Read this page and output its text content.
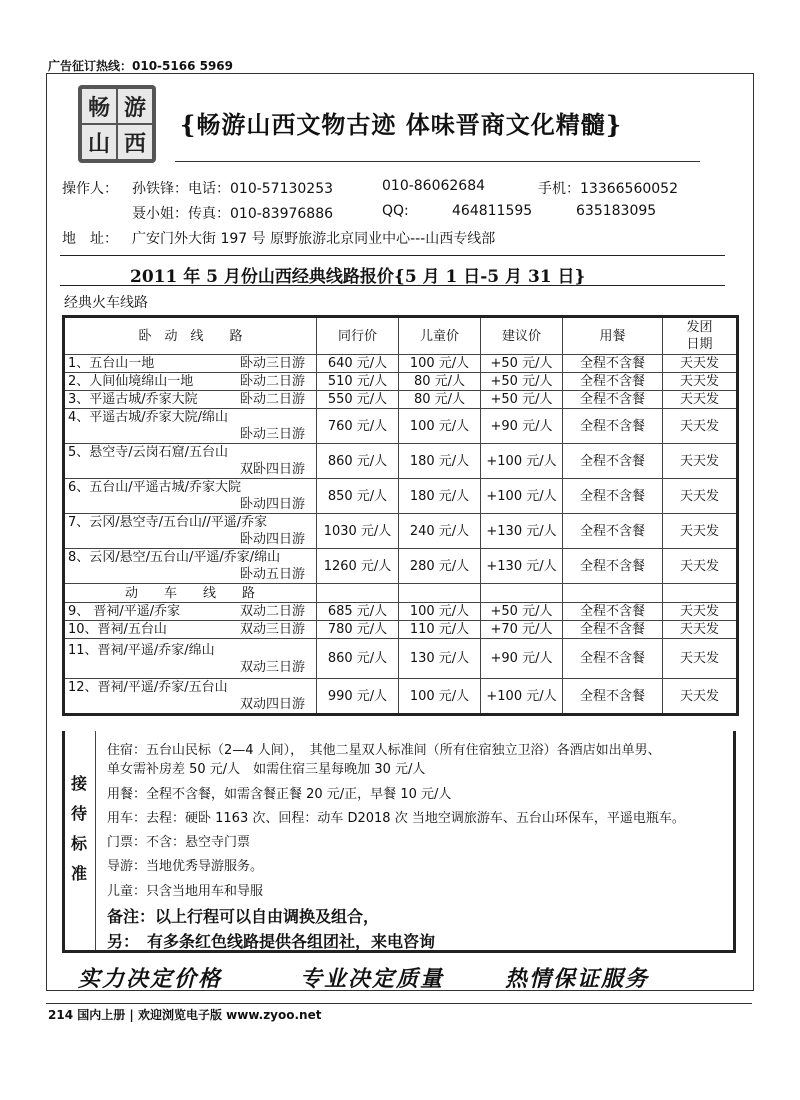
广告征订热线：010-5166 5969
畅 游
山 西
{畅游山西文物古迹 体味晋商文化精髓}
操作人： 孙铁锋：电话：010-57130253	010-86062684	手机：13366560052
聂小姐：传真：010-83976886	QQ:	464811595	635183095
地　址： 广安门外大街 197 号 原野旅游北京同业中心---山西专线部
2011 年 5 月份山西经典线路报价{5 月 1 日-5 月 31 日}
经典火车线路
卧　动　线　　路	同行价	儿童价	建议价	用餐	发团
日期

1、五台山一地 卧动三日游	640 元/人	100 元/人	+50 元/人	全程不含餐	天天发

2、人间仙境绵山一地 卧动二日游	510 元/人	80 元/人	+50 元/人	全程不含餐	天天发

3、平遥古城/乔家大院 卧动二日游	550 元/人	80 元/人	+50 元/人	全程不含餐	天天发

4、平遥古城/乔家大院/绵山
卧动三日游	760 元/人	100 元/人	+90 元/人	全程不含餐	天天发

5、悬空寺/云岗石窟/五台山
双卧四日游	860 元/人	180 元/人	+100 元/人	全程不含餐	天天发

6、五台山/平遥古城/乔家大院
卧动四日游	850 元/人	180 元/人	+100 元/人	全程不含餐	天天发

7、云冈/悬空寺/五台山//平遥/乔家
卧动四日游	1030 元/人	240 元/人	+130 元/人	全程不含餐	天天发

8、云冈/悬空/五台山/平遥/乔家/绵山
卧动五日游	1260 元/人	280 元/人	+130 元/人	全程不含餐	天天发
动　　车　　线　　路					

9、 晋祠/平遥/乔家 双动二日游	685 元/人	100 元/人	+50 元/人	全程不含餐	天天发

10、晋祠/五台山 双动三日游	780 元/人	110 元/人	+70 元/人	全程不含餐	天天发

11、晋祠/平遥/乔家/绵山
双动三日游	860 元/人	130 元/人	+90 元/人	全程不含餐	天天发

12、晋祠/平遥/乔家/五台山
双动四日游	990 元/人	100 元/人	+100 元/人	全程不含餐	天天发
接
待
标
准
住宿：五台山民标（2—4 人间），　其他二星双人标准间（所有住宿独立卫浴）各酒店如出单男、
单女需补房差 50 元/人　如需住宿三星每晚加 30 元/人
用餐：全程不含餐，如需含餐正餐 20 元/正，早餐 10 元/人
用车：去程：硬卧 1163 次、回程：动车 D2018 次 当地空调旅游车、五台山环保车，平遥电瓶车。
门票：不含：悬空寺门票
导游：当地优秀导游服务。
儿童：只含当地用车和导服
备注：以上行程可以自由调换及组合，
另：　有多条红色线路提供各组团社，来电咨询
实力决定价格	专业决定质量	热情保证服务
214 国内上册 | 欢迎浏览电子版 www.zyoo.net
